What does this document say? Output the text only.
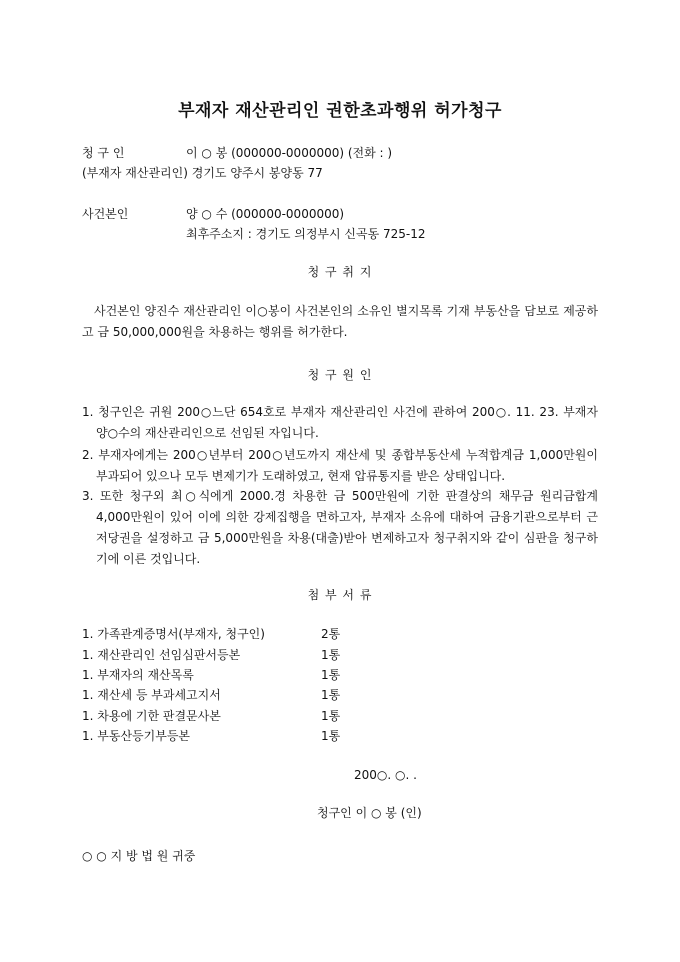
부재자 재산관리인 권한초과행위 허가청구
청 구 인	이 ○ 봉 (000000-0000000) (전화 : )
(부재자 재산관리인) 경기도 양주시 봉양동 77
사건본인	양 ○ 수 (000000-0000000)
최후주소지 : 경기도 의정부시 신곡동 725-12
청 구 취 지
사건본인 양진수 재산관리인 이○봉이 사건본인의 소유인 별지목록 기재 부동산을 담보로 제공하고 금 50,000,000원을 차용하는 행위를 허가한다.
청 구 원 인
1. 청구인은 귀원 200○느단 654호로 부재자 재산관리인 사건에 관하여 200○. 11. 23. 부재자 양○수의 재산관리인으로 선임된 자입니다.
2. 부재자에게는 200○년부터 200○년도까지 재산세 및 종합부동산세 누적합계금 1,000만원이 부과되어 있으나 모두 변제기가 도래하였고, 현재 압류통지를 받은 상태입니다.
3. 또한 청구외 최○식에게 2000.경 차용한 금 500만원에 기한 판결상의 채무금 원리금합계 4,000만원이 있어 이에 의한 강제집행을 면하고자, 부재자 소유에 대하여 금융기관으로부터 근저당권을 설정하고 금 5,000만원을 차용(대출)받아 변제하고자 청구취지와 같이 심판을 청구하기에 이른 것입니다.
첨 부 서 류
1. 가족관계증명서(부재자, 청구인)	2통
1. 재산관리인 선임심판서등본	1통
1. 부재자의 재산목록	1통
1. 재산세 등 부과세고지서	1통
1. 차용에 기한 판결문사본	1통
1. 부동산등기부등본	1통
200○. ○. .
청구인 이 ○ 봉 (인)
○ ○ 지 방 법 원 귀중
